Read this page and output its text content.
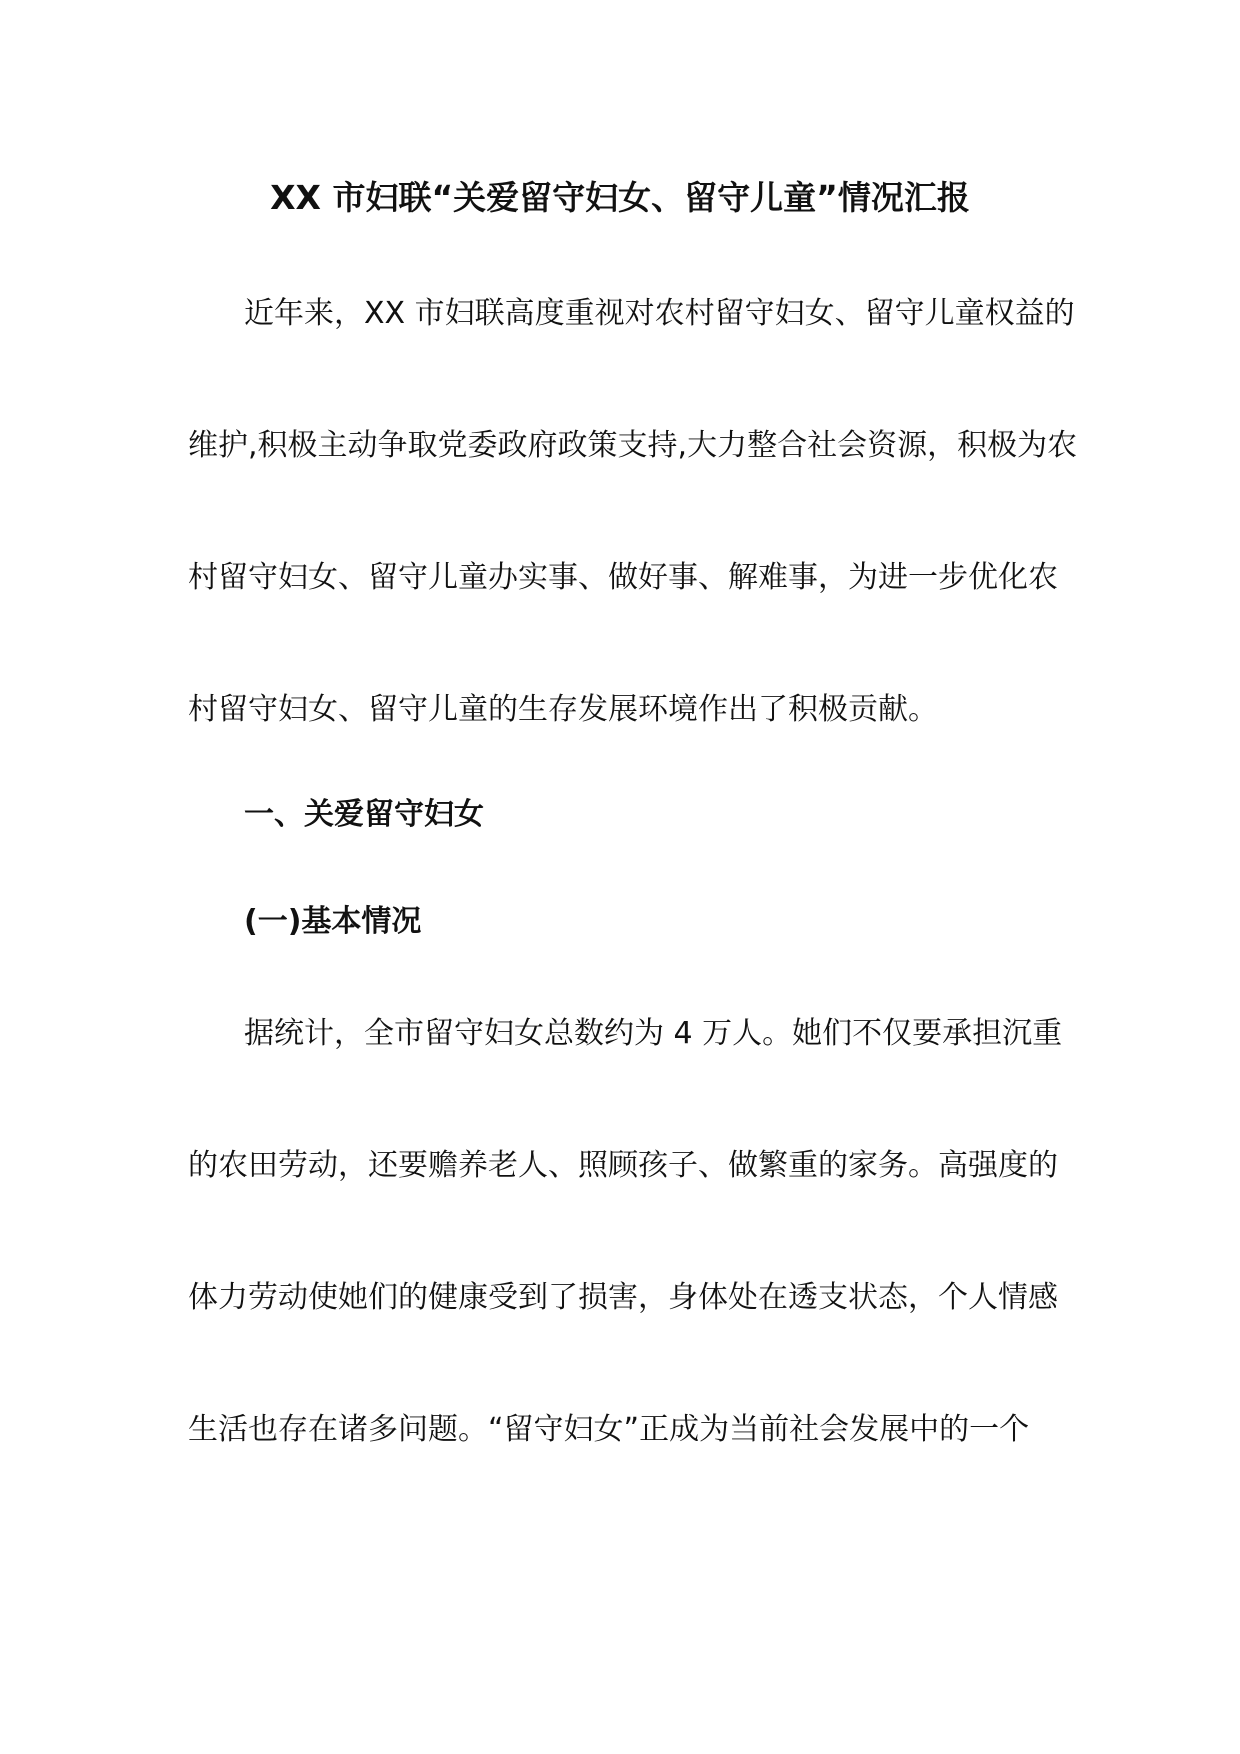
XX 市妇联“关爱留守妇女、留守儿童”情况汇报

近年来，XX 市妇联高度重视对农村留守妇女、留守儿童权益的

维护,积极主动争取党委政府政策支持,大力整合社会资源，积极为农

村留守妇女、留守儿童办实事、做好事、解难事，为进一步优化农

村留守妇女、留守儿童的生存发展环境作出了积极贡献。

一、关爱留守妇女
(一)基本情况

据统计，全市留守妇女总数约为 4 万人。她们不仅要承担沉重

的农田劳动，还要赡养老人、照顾孩子、做繁重的家务。高强度的

体力劳动使她们的健康受到了损害，身体处在透支状态，个人情感

生活也存在诸多问题。“留守妇女”正成为当前社会发展中的一个
